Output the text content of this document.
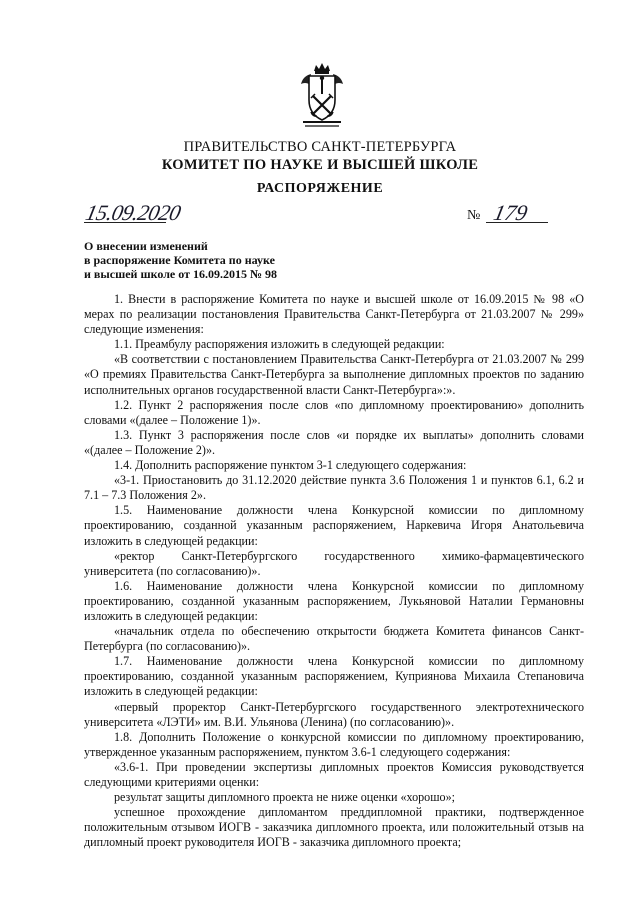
ПРАВИТЕЛЬСТВО САНКТ-ПЕТЕРБУРГА
КОМИТЕТ ПО НАУКЕ И ВЫСШЕЙ ШКОЛЕ
РАСПОРЯЖЕНИЕ
15.09.2020	№ 179
О внесении изменений
в распоряжение Комитета по науке
и высшей школе от 16.09.2015 № 98

1. Внести в распоряжение Комитета по науке и высшей школе от 16.09.2015 № 98 «О мерах по реализации постановления Правительства Санкт-Петербурга от 21.03.2007 № 299» следующие изменения:

1.1. Преамбулу распоряжения изложить в следующей редакции:

«В соответствии с постановлением Правительства Санкт-Петербурга от 21.03.2007 № 299 «О премиях Правительства Санкт-Петербурга за выполнение дипломных проектов по заданию исполнительных органов государственной власти Санкт-Петербурга»:».

1.2. Пункт 2 распоряжения после слов «по дипломному проектированию» дополнить словами «(далее – Положение 1)».

1.3. Пункт 3 распоряжения после слов «и порядке их выплаты» дополнить словами «(далее – Положение 2)».

1.4. Дополнить распоряжение пунктом 3-1 следующего содержания:

«3-1. Приостановить до 31.12.2020 действие пункта 3.6 Положения 1 и пунктов 6.1, 6.2 и 7.1 – 7.3 Положения 2».

1.5. Наименование должности члена Конкурсной комиссии по дипломному проектированию, созданной указанным распоряжением, Наркевича Игоря Анатольевича изложить в следующей редакции:

«ректор Санкт-Петербургского государственного химико-фармацевтического университета (по согласованию)».

1.6. Наименование должности члена Конкурсной комиссии по дипломному проектированию, созданной указанным распоряжением, Лукьяновой Наталии Германовны изложить в следующей редакции:

«начальник отдела по обеспечению открытости бюджета Комитета финансов Санкт-Петербурга (по согласованию)».

1.7. Наименование должности члена Конкурсной комиссии по дипломному проектированию, созданной указанным распоряжением, Куприянова Михаила Степановича изложить в следующей редакции:

«первый проректор Санкт-Петербургского государственного электротехнического университета «ЛЭТИ» им. В.И. Ульянова (Ленина) (по согласованию)».

1.8. Дополнить Положение о конкурсной комиссии по дипломному проектированию, утвержденное указанным распоряжением, пунктом 3.6-1 следующего содержания:

«3.6-1. При проведении экспертизы дипломных проектов Комиссия руководствуется следующими критериями оценки:

результат защиты дипломного проекта не ниже оценки «хорошо»;

успешное прохождение дипломантом преддипломной практики, подтвержденное положительным отзывом ИОГВ - заказчика дипломного проекта, или положительный отзыв на дипломный проект руководителя ИОГВ - заказчика дипломного проекта;
